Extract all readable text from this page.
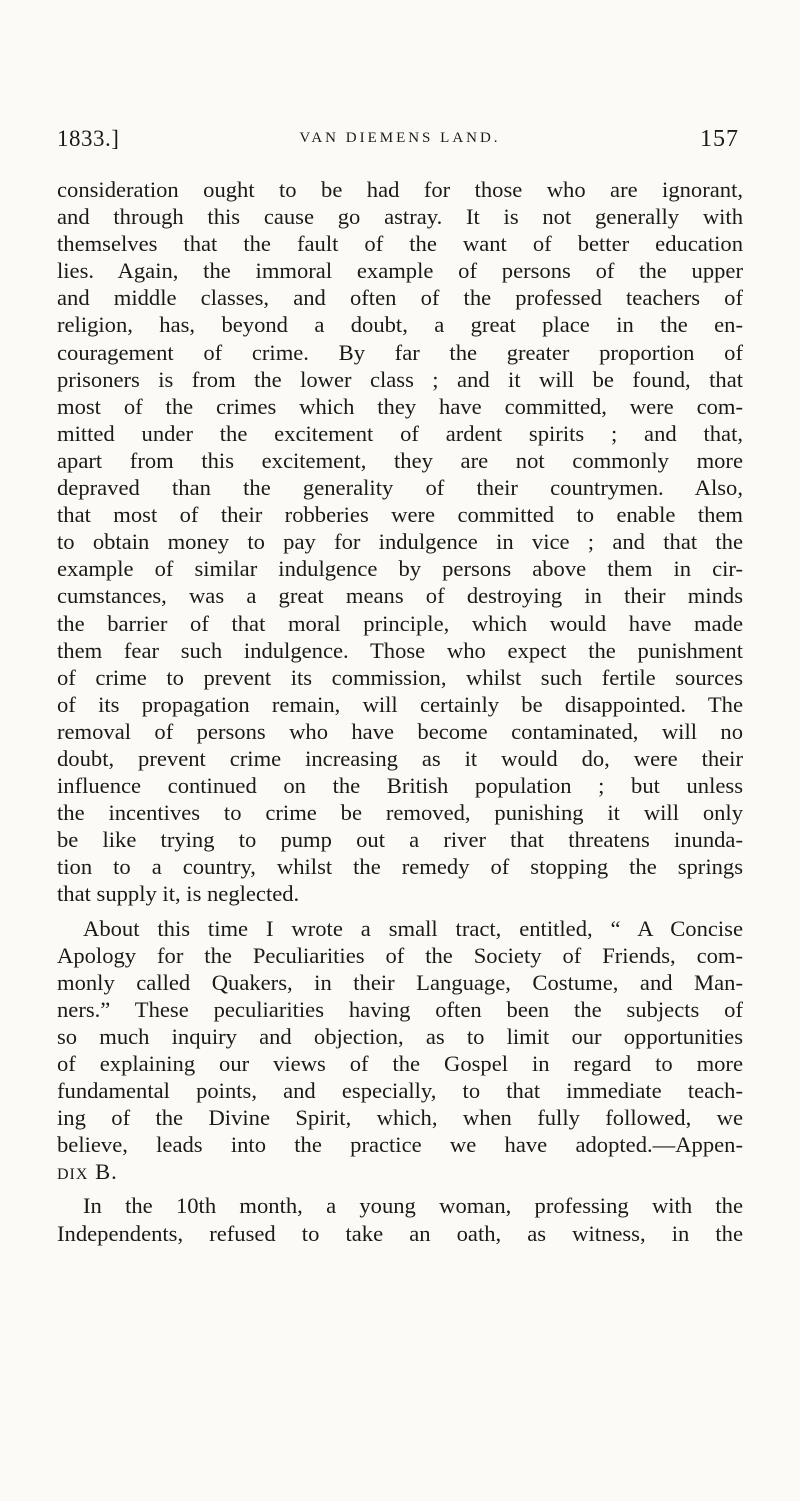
1833.]	VAN DIEMENS LAND.	157
consideration ought to be had for those who are ignorant,
and through this cause go astray. It is not generally with
themselves that the fault of the want of better education
lies. Again, the immoral example of persons of the upper
and middle classes, and often of the professed teachers of
religion, has, beyond a doubt, a great place in the en-
couragement of crime. By far the greater proportion of
prisoners is from the lower class ; and it will be found, that
most of the crimes which they have committed, were com-
mitted under the excitement of ardent spirits ; and that,
apart from this excitement, they are not commonly more
depraved than the generality of their countrymen. Also,
that most of their robberies were committed to enable them
to obtain money to pay for indulgence in vice ; and that the
example of similar indulgence by persons above them in cir-
cumstances, was a great means of destroying in their minds
the barrier of that moral principle, which would have made
them fear such indulgence. Those who expect the punishment
of crime to prevent its commission, whilst such fertile sources
of its propagation remain, will certainly be disappointed. The
removal of persons who have become contaminated, will no
doubt, prevent crime increasing as it would do, were their
influence continued on the British population ; but unless
the incentives to crime be removed, punishing it will only
be like trying to pump out a river that threatens inunda-
tion to a country, whilst the remedy of stopping the springs
that supply it, is neglected.
About this time I wrote a small tract, entitled, “ A Concise
Apology for the Peculiarities of the Society of Friends, com-
monly called Quakers, in their Language, Costume, and Man-
ners.” These peculiarities having often been the subjects of
so much inquiry and objection, as to limit our opportunities
of explaining our views of the Gospel in regard to more
fundamental points, and especially, to that immediate teach-
ing of the Divine Spirit, which, when fully followed, we
believe, leads into the practice we have adopted.—Appen-
dix B.
In the 10th month, a young woman, professing with the
Independents, refused to take an oath, as witness, in the
